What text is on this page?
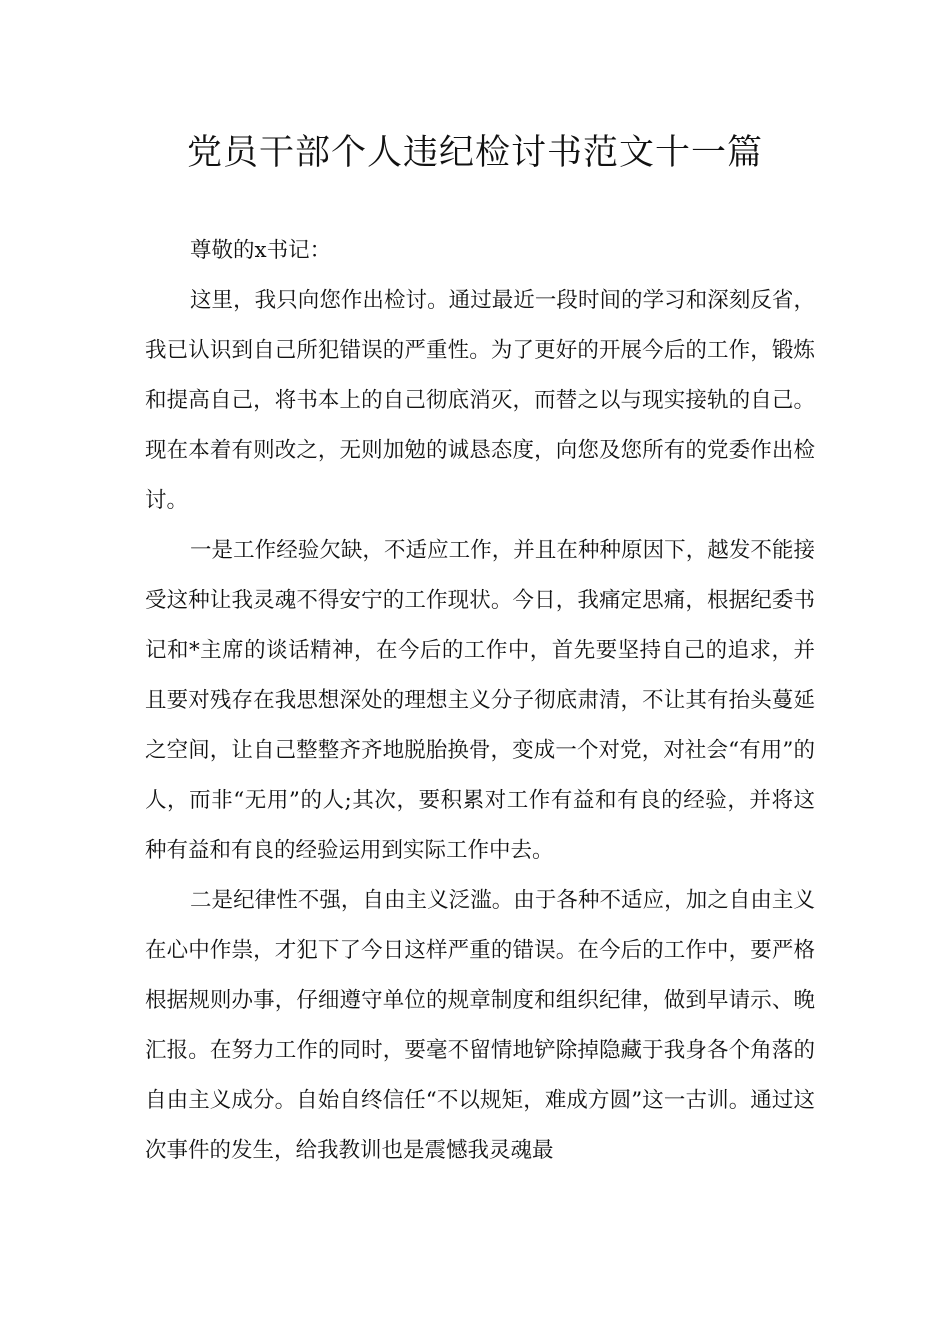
党员干部个人违纪检讨书范文十一篇

尊敬的x书记：

这里，我只向您作出检讨。通过最近一段时间的学习和深刻反省，我已认识到自己所犯错误的严重性。为了更好的开展今后的工作，锻炼和提高自己，将书本上的自己彻底消灭，而替之以与现实接轨的自己。现在本着有则改之，无则加勉的诚恳态度，向您及您所有的党委作出检讨。

一是工作经验欠缺，不适应工作，并且在种种原因下，越发不能接受这种让我灵魂不得安宁的工作现状。今日，我痛定思痛，根据纪委书记和*主席的谈话精神，在今后的工作中，首先要坚持自己的追求，并且要对残存在我思想深处的理想主义分子彻底肃清，不让其有抬头蔓延之空间，让自己整整齐齐地脱胎换骨，变成一个对党，对社会“有用”的人，而非“无用”的人;其次，要积累对工作有益和有良的经验，并将这种有益和有良的经验运用到实际工作中去。

二是纪律性不强，自由主义泛滥。由于各种不适应，加之自由主义在心中作祟，才犯下了今日这样严重的错误。在今后的工作中，要严格根据规则办事，仔细遵守单位的规章制度和组织纪律，做到早请示、晚汇报。在努力工作的同时，要毫不留情地铲除掉隐藏于我身各个角落的自由主义成分。自始自终信任“不以规矩，难成方圆”这一古训。通过这次事件的发生，给我教训也是震憾我灵魂最
